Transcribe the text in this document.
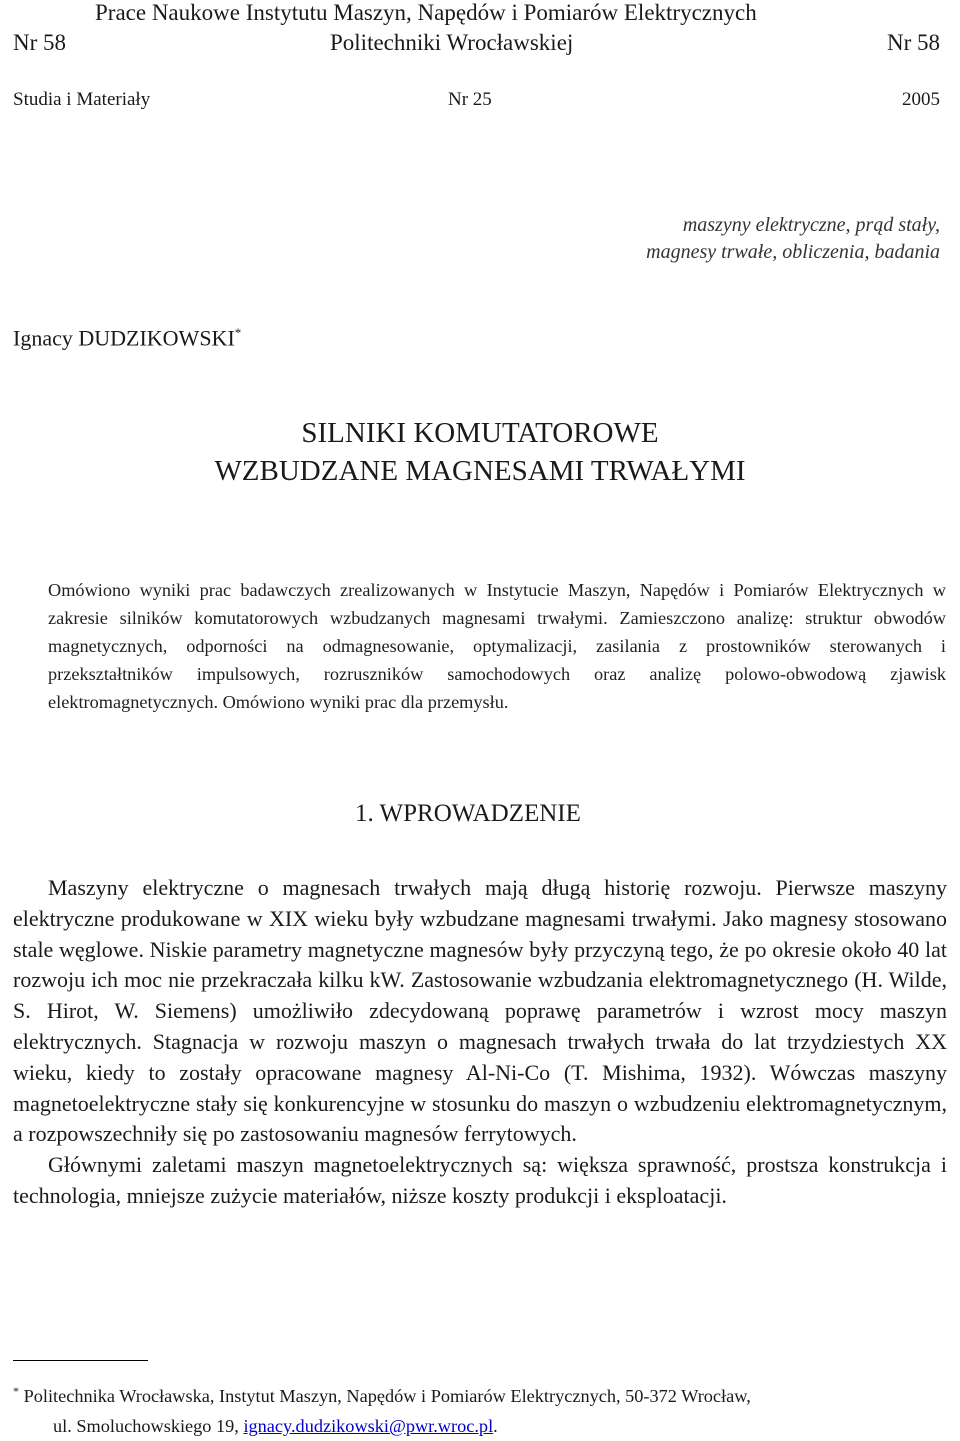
Prace Naukowe Instytutu Maszyn, Napędów i Pomiarów Elektrycznych
Nr 58	Politechniki Wrocławskiej	Nr 58
Studia i Materiały	Nr 25	2005
maszyny elektryczne, prąd stały,
magnesy trwałe, obliczenia, badania
Ignacy DUDZIKOWSKI*
SILNIKI KOMUTATOROWE
WZBUDZANE MAGNESAMI TRWAŁYMI
Omówiono wyniki prac badawczych zrealizowanych w Instytucie Maszyn, Napędów i Pomiarów Elektrycznych w zakresie silników komutatorowych wzbudzanych magnesami trwałymi. Zamieszczono analizę: struktur obwodów magnetycznych, odporności na odmagnesowanie, optymalizacji, zasilania z prostowników sterowanych i przekształtników impulsowych, rozruszników samochodowych oraz analizę polowo-obwodową zjawisk elektromagnetycznych. Omówiono wyniki prac dla przemysłu.
1. WPROWADZENIE

Maszyny elektryczne o magnesach trwałych mają długą historię rozwoju. Pierwsze maszyny elektryczne produkowane w XIX wieku były wzbudzane magnesami trwałymi. Jako magnesy stosowano stale węglowe. Niskie parametry magnetyczne magnesów były przyczyną tego, że po okresie około 40 lat rozwoju ich moc nie przekraczała kilku kW. Zastosowanie wzbudzania elektromagnetycznego (H. Wilde, S. Hirot, W. Siemens) umożliwiło zdecydowaną poprawę parametrów i wzrost mocy maszyn elektrycznych. Stagnacja w rozwoju maszyn o magnesach trwałych trwała do lat trzydziestych XX wieku, kiedy to zostały opracowane magnesy Al-Ni-Co (T. Mishima, 1932). Wówczas maszyny magnetoelektryczne stały się konkurencyjne w stosunku do maszyn o wzbudzeniu elektromagnetycznym, a rozpowszechniły się po zastosowaniu magnesów ferrytowych.

Głównymi zaletami maszyn magnetoelektrycznych są: większa sprawność, prostsza konstrukcja i technologia, mniejsze zużycie materiałów, niższe koszty produkcji i eksploatacji.

* Politechnika Wrocławska, Instytut Maszyn, Napędów i Pomiarów Elektrycznych, 50-372 Wrocław,
ul. Smoluchowskiego 19, ignacy.dudzikowski@pwr.wroc.pl.
